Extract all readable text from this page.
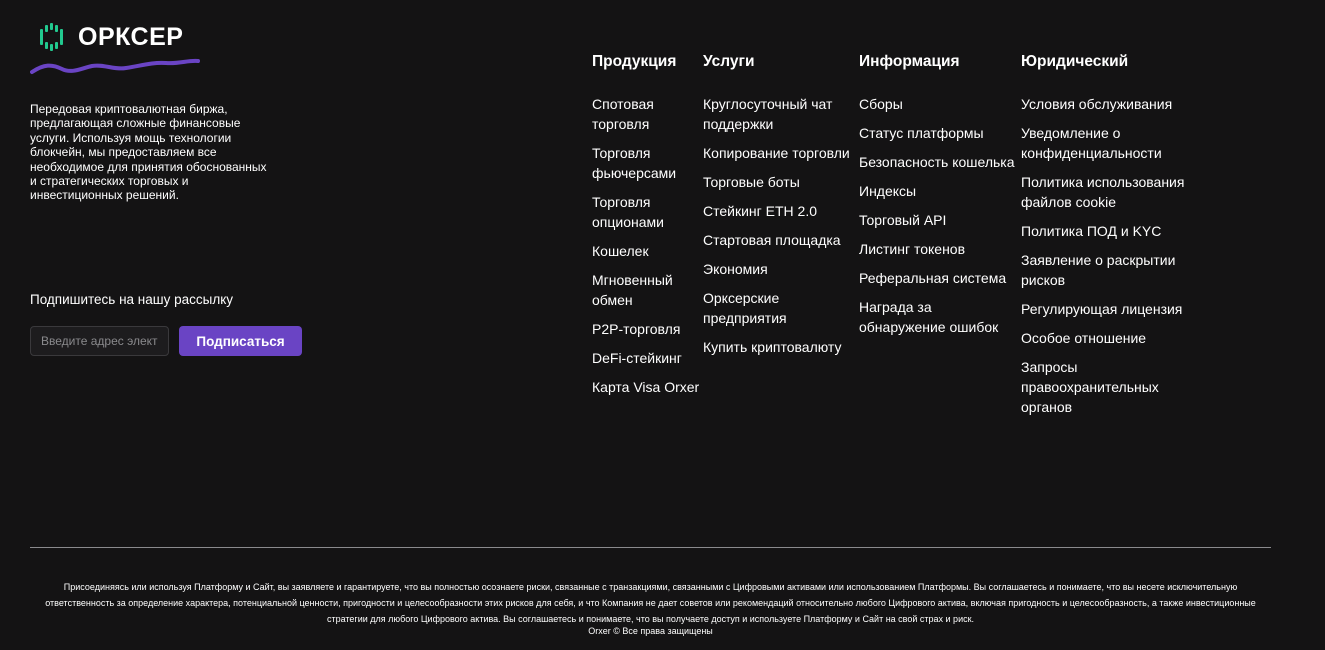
ОРКСЕР

Передовая криптовалютная биржа, предлагающая сложные финансовые услуги. Используя мощь технологии блокчейн, мы предоставляем все необходимое для принятия обоснованных и стратегических торговых и инвестиционных решений.

Подпишитесь на нашу рассылку
Введите адрес электронной почты
Подписаться
Продукция
Спотовая торговля
Торговля фьючерсами
Торговля опционами
Кошелек
Мгновенный обмен
P2P-торговля
DeFi-стейкинг
Карта Visa Orxer
Услуги
Круглосуточный чат поддержки
Копирование торговли
Торговые боты
Стейкинг ETH 2.0
Стартовая площадка
Экономия
Орксерские предприятия
Купить криптовалюту
Информация
Сборы
Статус платформы
Безопасность кошелька
Индексы
Торговый API
Листинг токенов
Реферальная система
Награда за обнаружение ошибок
Юридический
Условия обслуживания
Уведомление о конфиденциальности
Политика использования файлов cookie
Политика ПОД и KYC
Заявление о раскрытии рисков
Регулирующая лицензия
Особое отношение
Запросы правоохранительных органов

Присоединяясь или используя Платформу и Сайт, вы заявляете и гарантируете, что вы полностью осознаете риски, связанные с транзакциями, связанными с Цифровыми активами или использованием Платформы. Вы соглашаетесь и понимаете, что вы несете исключительную ответственность за определение характера, потенциальной ценности, пригодности и целесообразности этих рисков для себя, и что Компания не дает советов или рекомендаций относительно любого Цифрового актива, включая пригодность и целесообразность, а также инвестиционные стратегии для любого Цифрового актива. Вы соглашаетесь и понимаете, что вы получаете доступ и используете Платформу и Сайт на свой страх и риск.

Orxer © Все права защищены
